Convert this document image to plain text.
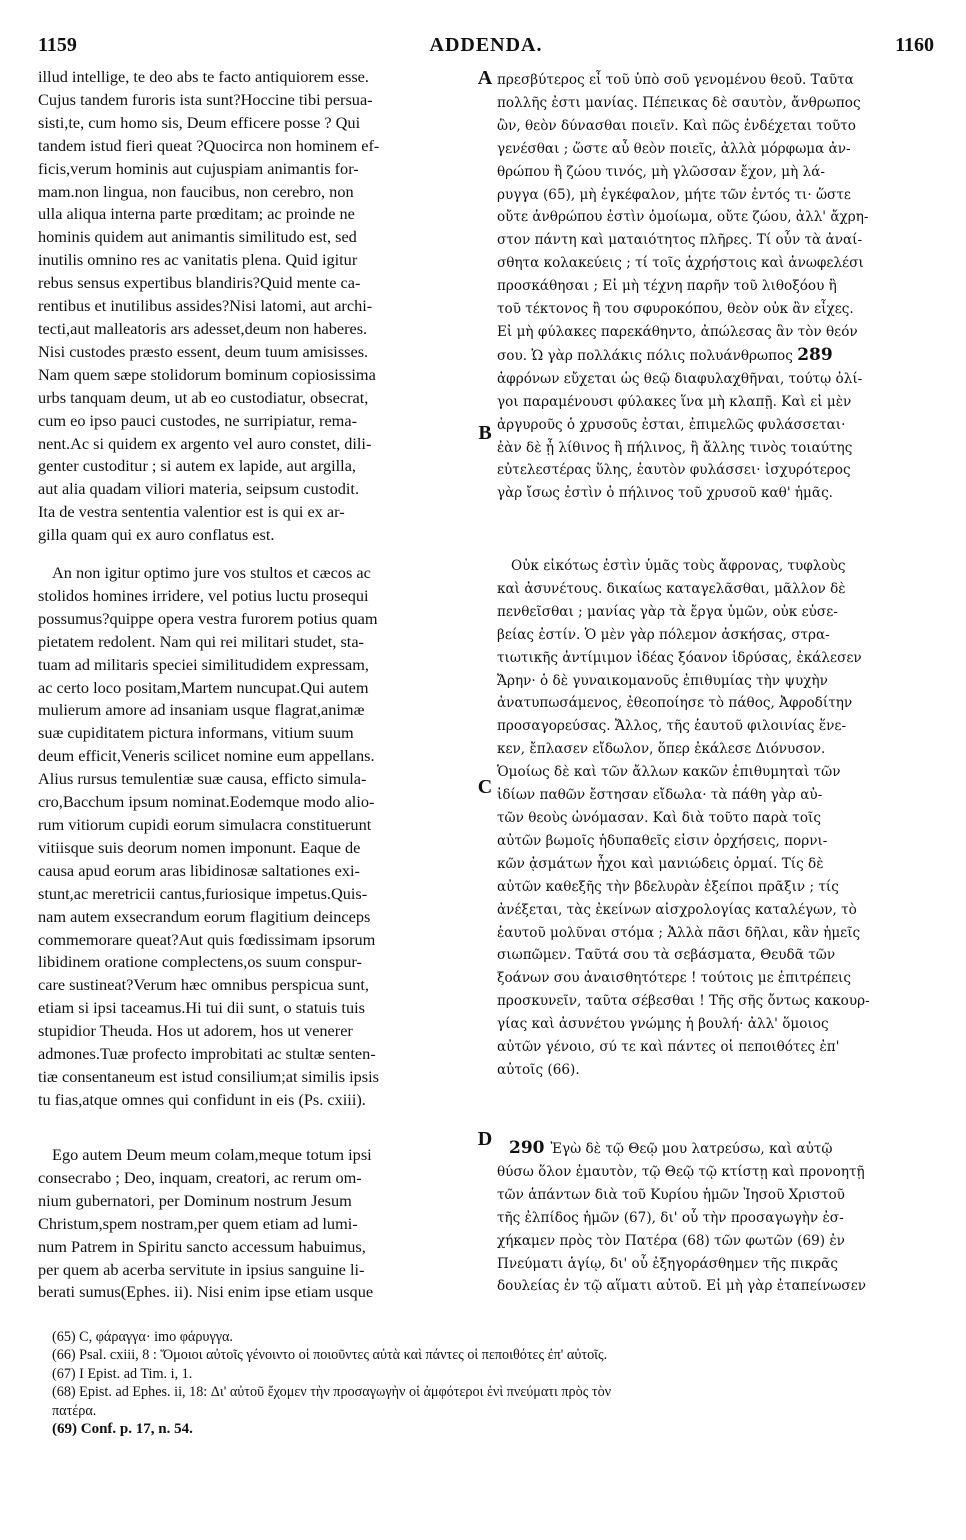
1159	ADDENDA.	1160
illud intellige, te deo abs te facto antiquiorem esse.
Cujus tandem furoris ista sunt?Hoccine tibi persua-
sisti,te, cum homo sis, Deum efficere posse ? Qui
tandem istud fieri queat ?Quocirca non hominem ef-
ficis,verum hominis aut cujuspiam animantis for-
mam.non lingua, non faucibus, non cerebro, non
ulla aliqua interna parte prœditam; ac proinde ne
hominis quidem aut animantis similitudo est, sed
inutilis omnino res ac vanitatis plena. Quid igitur
rebus sensus expertibus blandiris?Quid mente ca-
rentibus et inutilibus assides?Nisi latomi, aut archi-
tecti,aut malleatoris ars adesset,deum non haberes.
Nisi custodes præsto essent, deum tuum amisisses.
Nam quem sæpe stolidorum bominum copiosissima
urbs tanquam deum, ut ab eo custodiatur, obsecrat,
cum eo ipso pauci custodes, ne surripiatur, rema-
nent.Ac si quidem ex argento vel auro constet, dili-
genter custoditur ; si autem ex lapide, aut argilla,
aut alia quadam viliori materia, seipsum custodit.
Ita de vestra sententia valentior est is qui ex ar-
gilla quam qui ex auro conflatus est.
An non igitur optimo jure vos stultos et cæcos ac
stolidos homines irridere, vel potius luctu prosequi
possumus?quippe opera vestra furorem potius quam
pietatem redolent. Nam qui rei militari studet, sta-
tuam ad militaris speciei similitudidem expressam,
ac certo loco positam,Martem nuncupat.Qui autem
mulierum amore ad insaniam usque flagrat,animæ
suæ cupiditatem pictura informans, vitium suum
deum efficit,Veneris scilicet nomine eum appellans.
Alius rursus temulentiæ suæ causa, efficto simula-
cro,Bacchum ipsum nominat.Eodemque modo alio-
rum vitiorum cupidi eorum simulacra constituerunt
vitiisque suis deorum nomen imponunt. Eaque de
causa apud eorum aras libidinosæ saltationes exi-
stunt,ac meretricii cantus,furiosique impetus.Quis-
nam autem exsecrandum eorum flagitium deinceps
commemorare queat?Aut quis fœdissimam ipsorum
libidinem oratione complectens,os suum conspur-
care sustineat?Verum hæc omnibus perspicua sunt,
etiam si ipsi taceamus.Hi tui dii sunt, o statuis tuis
stupidior Theuda. Hos ut adorem, hos ut venerer
admones.Tuæ profecto improbitati ac stultæ senten-
tiæ consentaneum est istud consilium;at similis ipsis
tu fias,atque omnes qui confidunt in eis (Ps. cxiii).
Ego autem Deum meum colam,meque totum ipsi
consecrabo ; Deo, inquam, creatori, ac rerum om-
nium gubernatori, per Dominum nostrum Jesum
Christum,spem nostram,per quem etiam ad lumi-
num Patrem in Spiritu sancto accessum habuimus,
per quem ab acerba servitute in ipsius sanguine li-
berati sumus(Ephes. ii). Nisi enim ipse etiam usque
πρεσβύτερος εἶ τοῦ ὑπὸ σοῦ γενομένου θεοῦ. Ταῦτα
πολλῆς ἐστι μανίας. Πέπεικας δὲ σαυτὸν, ἄνθρωπος
ὢν, θεὸν δύνασθαι ποιεῖν. Καὶ πῶς ἐνδέχεται τοῦτο
γενέσθαι ; ὥστε αὖ θεὸν ποιεῖς, ἀλλὰ μόρφωμα ἀν-
θρώπου ἢ ζώου τινός, μὴ γλῶσσαν ἔχον, μὴ λά-
ρυγγα (65), μὴ ἐγκέφαλον, μήτε τῶν ἐντός τι· ὥστε
οὔτε ἀνθρώπου ἐστὶν ὁμοίωμα, οὔτε ζώου, ἀλλ' ἄχρη-
στον πάντη καὶ ματαιότητος πλῆρες. Τί οὖν τὰ ἀναί-
σθητα κολακεύεις ; τί τοῖς ἀχρήστοις καὶ ἀνωφελέσι
προσκάθησαι ; Εἰ μὴ τέχνη παρῆν τοῦ λιθοξόου ἢ
τοῦ τέκτονος ἢ του σφυροκόπου, θεὸν οὐκ ἂν εἶχες.
Εἰ μὴ φύλακες παρεκάθηντο, ἀπώλεσας ἂν τὸν θεόν
σου. Ὡ γὰρ πολλάκις πόλις πολυάνθρωπος 289
ἀφρόνων εὔχεται ὡς θεῷ διαφυλαχθῆναι, τούτῳ ὀλί-
γοι παραμένουσι φύλακες ἵνα μὴ κλαπῇ. Καὶ εἰ μὲν
ἀργυροῦς ὁ χρυσοῦς ἐσται, ἐπιμελῶς φυλάσσεται·
ἐὰν δὲ ᾖ λίθινος ἢ πήλινος, ἢ ἄλλης τινὸς τοιαύτης
εὐτελεστέρας ὕλης, ἑαυτὸν φυλάσσει· ἰσχυρότερος
γὰρ ἴσως ἐστὶν ὁ πήλινος τοῦ χρυσοῦ καθ' ἡμᾶς.
Οὐκ εἰκότως ἐστὶν ὑμᾶς τοὺς ἄφρονας, τυφλοὺς
καὶ ἀσυνέτους. δικαίως καταγελᾶσθαι, μᾶλλον δὲ
πενθεῖσθαι ; μανίας γὰρ τὰ ἔργα ὑμῶν, οὐκ εὐσε-
βείας ἐστίν. Ὁ μὲν γὰρ πόλεμον ἀσκήσας, στρα-
τιωτικῆς ἀντίμιμον ἰδέας ξόανον ἱδρύσας, ἐκάλεσεν
Ἄρην· ὁ δὲ γυναικομανοῦς ἐπιθυμίας τὴν ψυχὴν
ἀνατυπωσάμενος, ἐθεοποίησε τὸ πάθος, Ἀφροδίτην
προσαγορεύσας. Ἄλλος, τῆς ἑαυτοῦ φιλοινίας ἕνε-
κεν, ἔπλασεν εἴδωλον, ὅπερ ἐκάλεσε Διόνυσον.
Ὁμοίως δὲ καὶ τῶν ἄλλων κακῶν ἐπιθυμηταὶ τῶν
ἰδίων παθῶν ἔστησαν εἴδωλα· τὰ πάθη γὰρ αὐ-
τῶν θεοὺς ὠνόμασαν. Καὶ διὰ τοῦτο παρὰ τοῖς
αὐτῶν βωμοῖς ἡδυπαθεῖς εἰσιν ὀρχήσεις, πορνι-
κῶν ᾀσμάτων ἦχοι καὶ μανιώδεις ὁρμαί. Τίς δὲ
αὐτῶν καθεξῆς τὴν βδελυρὰν ἐξείποι πρᾶξιν ; τίς
ἀνέξεται, τὰς ἐκείνων αἰσχρολογίας καταλέγων, τὸ
ἑαυτοῦ μολῦναι στόμα ; Ἀλλὰ πᾶσι δῆλαι, κἂν ἡμεῖς
σιωπῶμεν. Ταῦτά σου τὰ σεβάσματα, Θευδᾶ τῶν
ξοάνων σου ἀναισθητότερε ! τούτοις με ἐπιτρέπεις
προσκυνεῖν, ταῦτα σέβεσθαι ! Τῆς σῆς ὄντως κακουρ-
γίας καὶ ἀσυνέτου γνώμης ἡ βουλή· ἀλλ' ὅμοιος
αὐτῶν γένοιο, σύ τε καὶ πάντες οἱ πεποιθότες ἐπ'
αὐτοῖς (66).
290 Ἐγὼ δὲ τῷ Θεῷ μου λατρεύσω, καὶ αὐτῷ
θύσω ὅλον ἐμαυτὸν, τῷ Θεῷ τῷ κτίστῃ καὶ προνοητῇ
τῶν ἁπάντων διὰ τοῦ Κυρίου ἡμῶν Ἰησοῦ Χριστοῦ
τῆς ἐλπίδος ἡμῶν (67), δι' οὗ τὴν προσαγωγὴν ἐσ-
χήκαμεν πρὸς τὸν Πατέρα (68) τῶν φωτῶν (69) ἐν
Πνεύματι ἁγίῳ, δι' οὗ ἐξηγοράσθημεν τῆς πικρᾶς
δουλείας ἐν τῷ αἵματι αὐτοῦ. Εἰ μὴ γὰρ ἐταπείνωσεν
A
B
C
D
(65) C, φάραγγα· imo φάρυγγα.
(66) Psal. cxiii, 8 : Ὅμοιοι αὐτοῖς γένοιντο οἱ ποιοῦντες αὐτὰ καὶ πάντες οἱ πεποιθότες ἐπ' αὐτοῖς.
(67) I Epist. ad Tim. i, 1.
(68) Epist. ad Ephes. ii, 18: Δι' αὐτοῦ ἔχομεν τὴν προσαγωγὴν οἱ ἀμφότεροι ἑνὶ πνεύματι πρὸς τὸν
πατέρα.
(69) Conf. p. 17, n. 54.
